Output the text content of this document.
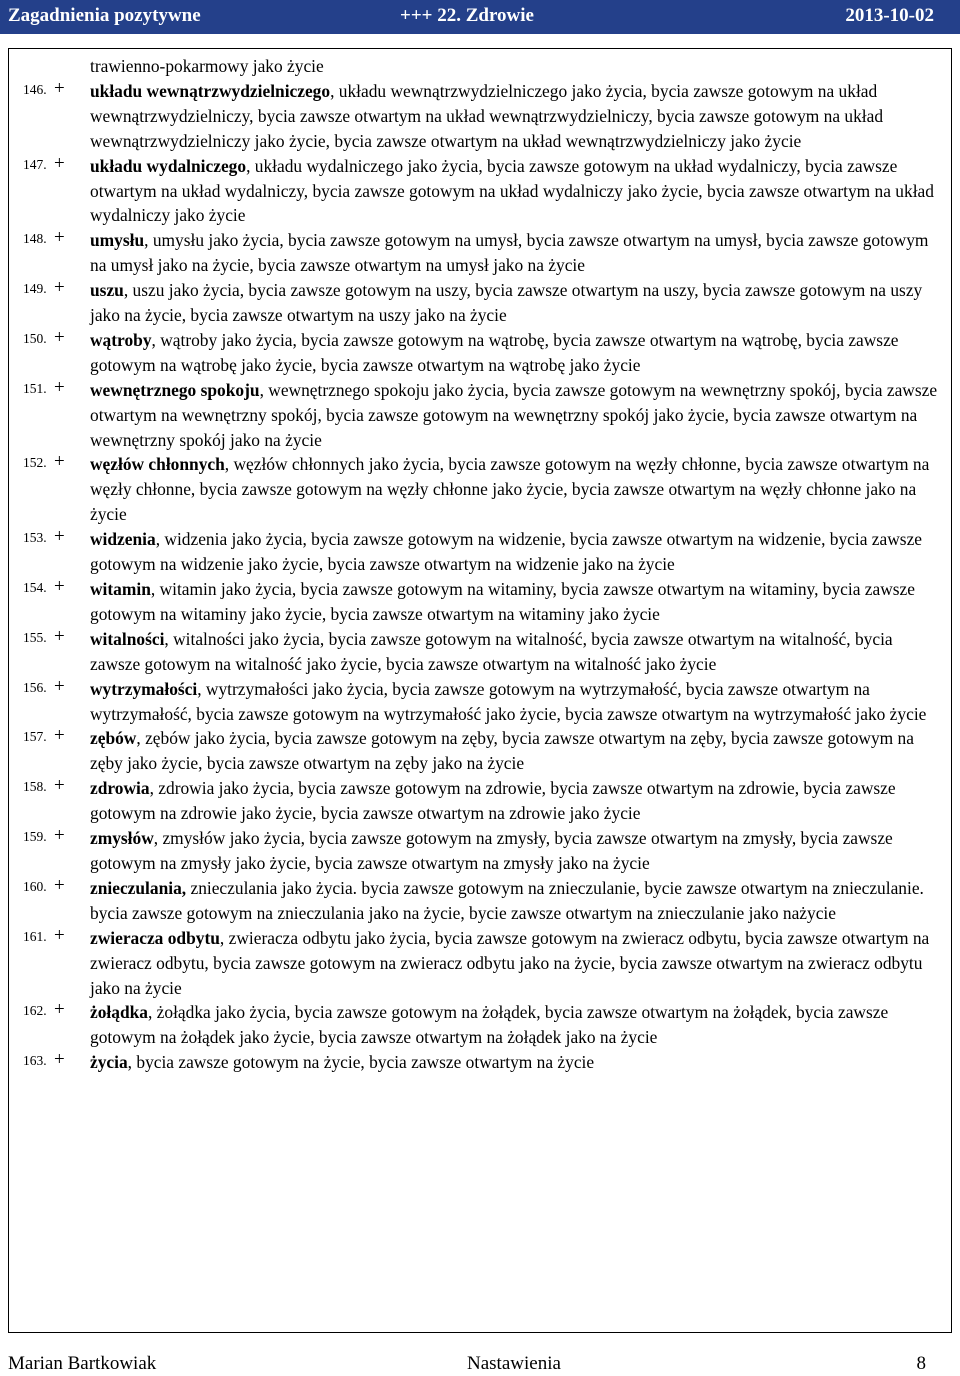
Zagadnienia pozytywne	+++ 22. Zdrowie	2013-10-02
trawienno-pokarmowy jako życie
146. + układu wewnątrzwydzielniczego, układu wewnątrzwydzielniczego jako życia, bycia zawsze gotowym na układ wewnątrzwydzielniczy, bycia zawsze otwartym na układ wewnątrzwydzielniczy, bycia zawsze gotowym na układ wewnątrzwydzielniczy jako życie, bycia zawsze otwartym na układ wewnątrzwydzielniczy jako życie
147. + układu wydalniczego, układu wydalniczego jako życia, bycia zawsze gotowym na układ wydalniczy, bycia zawsze otwartym na układ wydalniczy, bycia zawsze gotowym na układ wydalniczy jako życie, bycia zawsze otwartym na układ wydalniczy jako życie
148. + umysłu, umysłu jako życia, bycia zawsze gotowym na umysł, bycia zawsze otwartym na umysł, bycia zawsze gotowym na umysł jako na życie, bycia zawsze otwartym na umysł jako na życie
149. + uszu, uszu jako życia, bycia zawsze gotowym na uszy, bycia zawsze otwartym na uszy, bycia zawsze gotowym na uszy jako na życie, bycia zawsze otwartym na uszy jako na życie
150. + wątroby, wątroby jako życia, bycia zawsze gotowym na wątrobę, bycia zawsze otwartym na wątrobę, bycia zawsze gotowym na wątrobę jako życie, bycia zawsze otwartym na wątrobę jako życie
151. + wewnętrznego spokoju, wewnętrznego spokoju jako życia, bycia zawsze gotowym na wewnętrzny spokój, bycia zawsze otwartym na wewnętrzny spokój, bycia zawsze gotowym na wewnętrzny spokój jako życie, bycia zawsze otwartym na wewnętrzny spokój jako na życie
152. + węzłów chłonnych, węzłów chłonnych jako życia, bycia zawsze gotowym na węzły chłonne, bycia zawsze otwartym na węzły chłonne, bycia zawsze gotowym na węzły chłonne jako życie, bycia zawsze otwartym na węzły chłonne jako na życie
153. + widzenia, widzenia jako życia, bycia zawsze gotowym na widzenie, bycia zawsze otwartym na widzenie, bycia zawsze gotowym na widzenie jako życie, bycia zawsze otwartym na widzenie jako na życie
154. + witamin, witamin jako życia, bycia zawsze gotowym na witaminy, bycia zawsze otwartym na witaminy, bycia zawsze gotowym na witaminy jako życie, bycia zawsze otwartym na witaminy jako życie
155. + witalności, witalności jako życia, bycia zawsze gotowym na witalność, bycia zawsze otwartym na witalność, bycia zawsze gotowym na witalność jako życie, bycia zawsze otwartym na witalność jako życie
156. + wytrzymałości, wytrzymałości jako życia, bycia zawsze gotowym na wytrzymałość, bycia zawsze otwartym na wytrzymałość, bycia zawsze gotowym na wytrzymałość jako życie, bycia zawsze otwartym na wytrzymałość jako życie
157. + zębów, zębów jako życia, bycia zawsze gotowym na zęby, bycia zawsze otwartym na zęby, bycia zawsze gotowym na zęby jako życie, bycia zawsze otwartym na zęby jako na życie
158. + zdrowia, zdrowia jako życia, bycia zawsze gotowym na zdrowie, bycia zawsze otwartym na zdrowie, bycia zawsze gotowym na zdrowie jako życie, bycia zawsze otwartym na zdrowie jako życie
159. + zmysłów, zmysłów jako życia, bycia zawsze gotowym na zmysły, bycia zawsze otwartym na zmysły, bycia zawsze gotowym na zmysły jako życie, bycia zawsze otwartym na zmysły jako na życie
160. + znieczulania, znieczulania jako życia. bycia zawsze gotowym na znieczulanie, bycie zawsze otwartym na znieczulanie. bycia zawsze gotowym na znieczulania jako na życie, bycie zawsze otwartym na znieczulanie jako nażycie
161. + zwieracza odbytu, zwieracza odbytu jako życia, bycia zawsze gotowym na zwieracz odbytu, bycia zawsze otwartym na zwieracz odbytu, bycia zawsze gotowym na zwieracz odbytu jako na życie, bycia zawsze otwartym na zwieracz odbytu jako na życie
162. + żołądka, żołądka jako życia, bycia zawsze gotowym na żołądek, bycia zawsze otwartym na żołądek, bycia zawsze gotowym na żołądek jako życie, bycia zawsze otwartym na żołądek jako na życie
163. + życia, bycia zawsze gotowym na życie, bycia zawsze otwartym na życie
Marian Bartkowiak	Nastawienia	8
